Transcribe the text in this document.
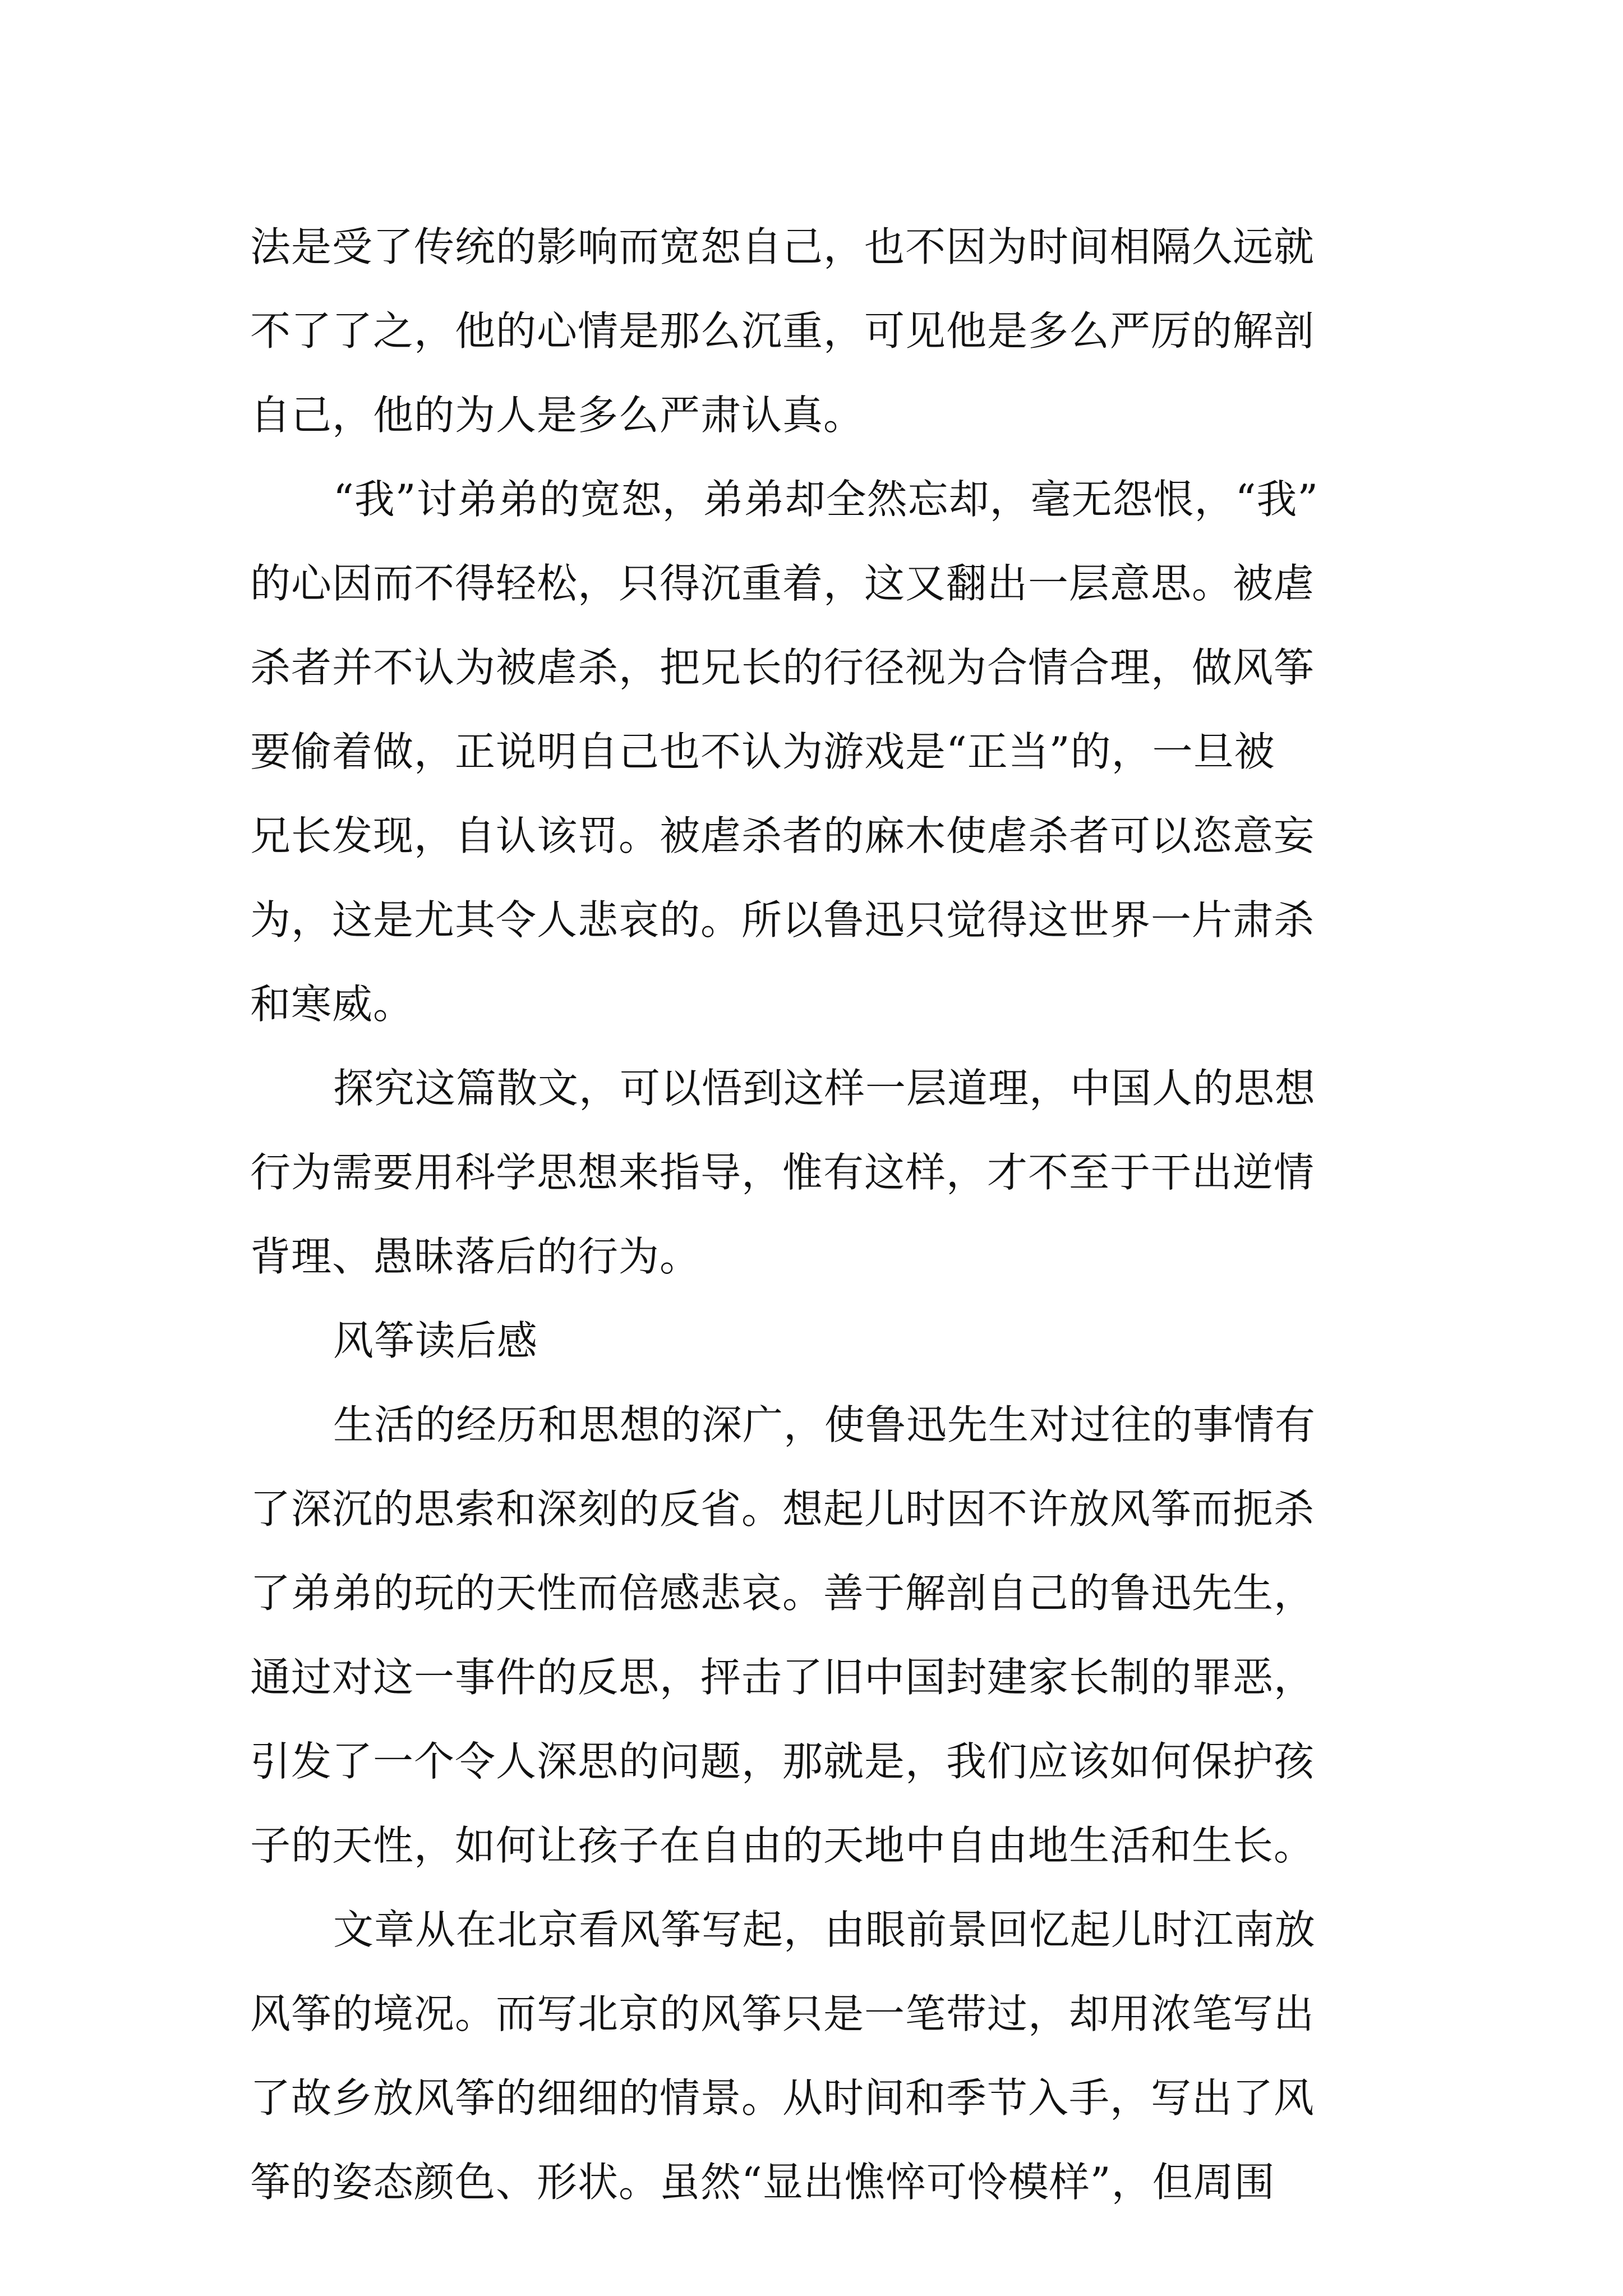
法是受了传统的影响而宽恕自己，也不因为时间相隔久远就
不了了之，他的心情是那么沉重，可见他是多么严厉的解剖
自己，他的为人是多么严肃认真。
“我”讨弟弟的宽恕，弟弟却全然忘却，毫无怨恨，“我”
的心因而不得轻松，只得沉重着，这又翻出一层意思。被虐
杀者并不认为被虐杀，把兄长的行径视为合情合理，做风筝
要偷着做，正说明自己也不认为游戏是“正当”的，一旦被
兄长发现，自认该罚。被虐杀者的麻木使虐杀者可以恣意妄
为，这是尤其令人悲哀的。所以鲁迅只觉得这世界一片肃杀
和寒威。
探究这篇散文，可以悟到这样一层道理，中国人的思想
行为需要用科学思想来指导，惟有这样，才不至于干出逆情
背理、愚昧落后的行为。
风筝读后感
生活的经历和思想的深广，使鲁迅先生对过往的事情有
了深沉的思索和深刻的反省。想起儿时因不许放风筝而扼杀
了弟弟的玩的天性而倍感悲哀。善于解剖自己的鲁迅先生，
通过对这一事件的反思，抨击了旧中国封建家长制的罪恶，
引发了一个令人深思的问题，那就是，我们应该如何保护孩
子的天性，如何让孩子在自由的天地中自由地生活和生长。
文章从在北京看风筝写起，由眼前景回忆起儿时江南放
风筝的境况。而写北京的风筝只是一笔带过，却用浓笔写出
了故乡放风筝的细细的情景。从时间和季节入手，写出了风
筝的姿态颜色、形状。虽然“显出憔悴可怜模样”，但周围
